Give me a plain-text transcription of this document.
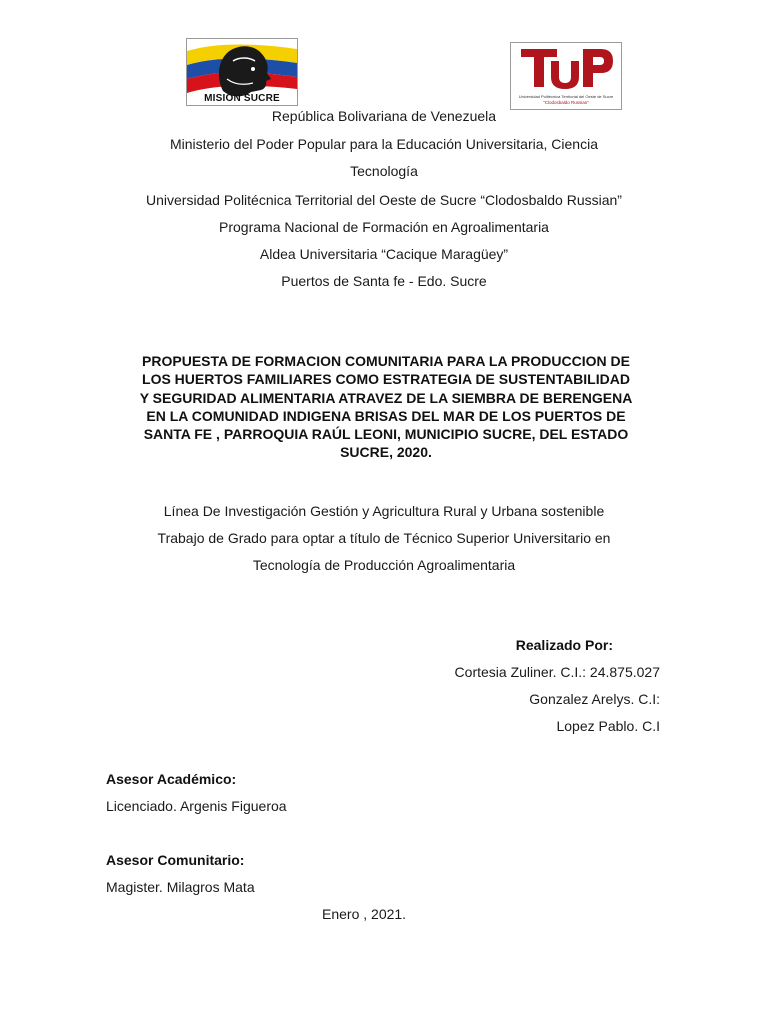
MISION SUCRE	Universidad Politécnica Territorial del Oeste de Sucre
"Clodosbaldo Russian"
República Bolivariana de Venezuela
Ministerio del Poder Popular para la Educación Universitaria, Ciencia
Tecnología
Universidad Politécnica Territorial del Oeste de Sucre “Clodosbaldo Russian”
Programa Nacional de Formación en Agroalimentaria
Aldea Universitaria “Cacique Maragüey”
Puertos de Santa fe - Edo. Sucre
PROPUESTA DE FORMACION COMUNITARIA PARA LA PRODUCCION DE
LOS HUERTOS FAMILIARES COMO ESTRATEGIA DE SUSTENTABILIDAD
Y SEGURIDAD ALIMENTARIA ATRAVEZ DE LA SIEMBRA DE BERENGENA
EN LA COMUNIDAD INDIGENA BRISAS DEL MAR DE LOS PUERTOS DE
SANTA FE , PARROQUIA RAÚL LEONI, MUNICIPIO SUCRE, DEL ESTADO
SUCRE, 2020.
Línea De Investigación Gestión y Agricultura Rural y Urbana sostenible
Trabajo de Grado para optar a título de Técnico Superior Universitario en
Tecnología de Producción Agroalimentaria
Realizado Por:
Cortesia Zuliner. C.I.: 24.875.027
Gonzalez Arelys. C.I:
Lopez Pablo. C.I
Asesor Académico:
Licenciado. Argenis Figueroa
Asesor Comunitario:
Magister. Milagros Mata
Enero , 2021.
